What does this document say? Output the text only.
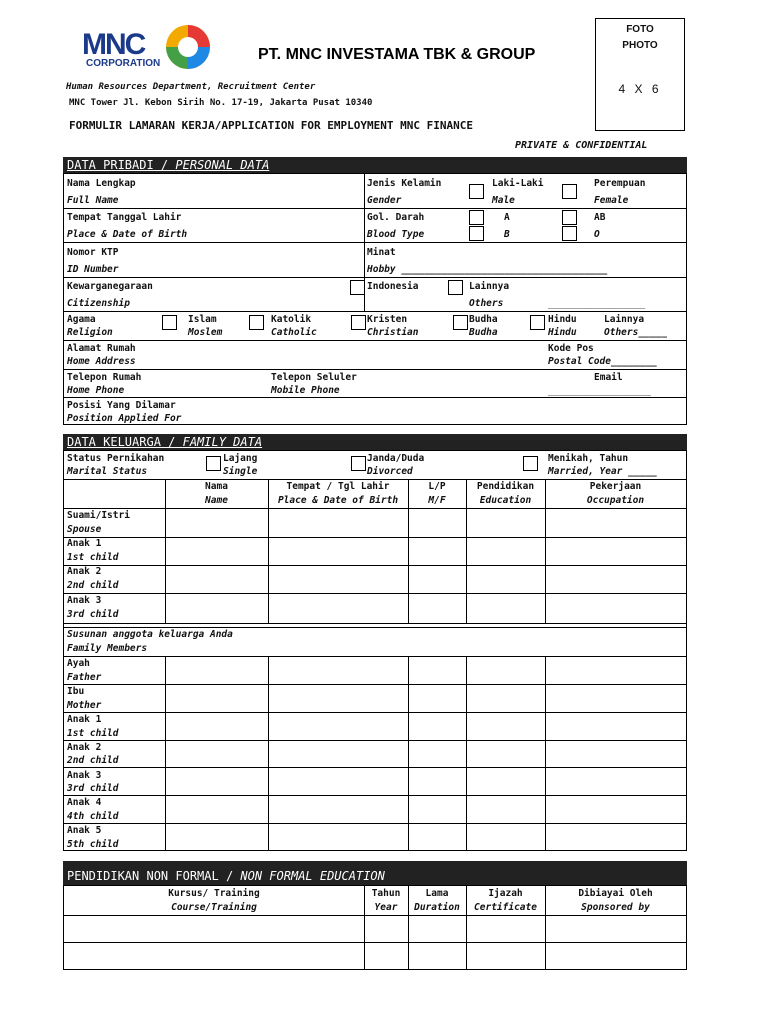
MNC
CORPORATION
PT. MNC INVESTAMA TBK & GROUP
FOTO
PHOTO
4 X 6
Human Resources Department, Recruitment Center
MNC Tower Jl. Kebon Sirih No. 17-19, Jakarta Pusat 10340
FORMULIR LAMARAN KERJA/APPLICATION FOR EMPLOYMENT MNC FINANCE
PRIVATE & CONFIDENTIAL
DATA PRIBADI / PERSONAL DATA
Nama Lengkap
Full Name
Jenis Kelamin
Gender
Laki-Laki
Male
Perempuan
Female
Tempat Tanggal Lahir
Place & Date of Birth
Gol. Darah
Blood Type
A
B
AB
O
Nomor KTP
ID Number
Minat
Hobby ____________________________________
Kewarganegaraan
Citizenship
Indonesia	Lainnya
Others	_________________
Agama
Religion
Islam
Moslem
Katolik
Catholic
Kristen
Christian
Budha
Budha
Hindu
Hindu
Lainnya
Others_____
Alamat Rumah
Home Address
Kode Pos
Postal Code________
Telepon Rumah
Home Phone
Telepon Seluler
Mobile Phone
Email
__________________
Posisi Yang Dilamar
Position Applied For
DATA KELUARGA / FAMILY DATA
Status Pernikahan
Marital Status
Lajang
Single
Janda/Duda
Divorced
Menikah, Tahun
Married, Year _____
Nama
Name
Tempat / Tgl Lahir
Place & Date of Birth
L/P
M/F
Pendidikan
Education
Pekerjaan
Occupation
Suami/Istri
Spouse
Anak 1
1st child
Anak 2
2nd child
Anak 3
3rd child
Susunan anggota keluarga Anda
Family Members
Ayah
Father
Ibu
Mother
Anak 1
1st child
Anak 2
2nd child
Anak 3
3rd child
Anak 4
4th child
Anak 5
5th child
PENDIDIKAN NON FORMAL / NON FORMAL EDUCATION
Kursus/ Training
Course/Training
Tahun
Year
Lama
Duration
Ijazah
Certificate
Dibiayai Oleh
Sponsored by
